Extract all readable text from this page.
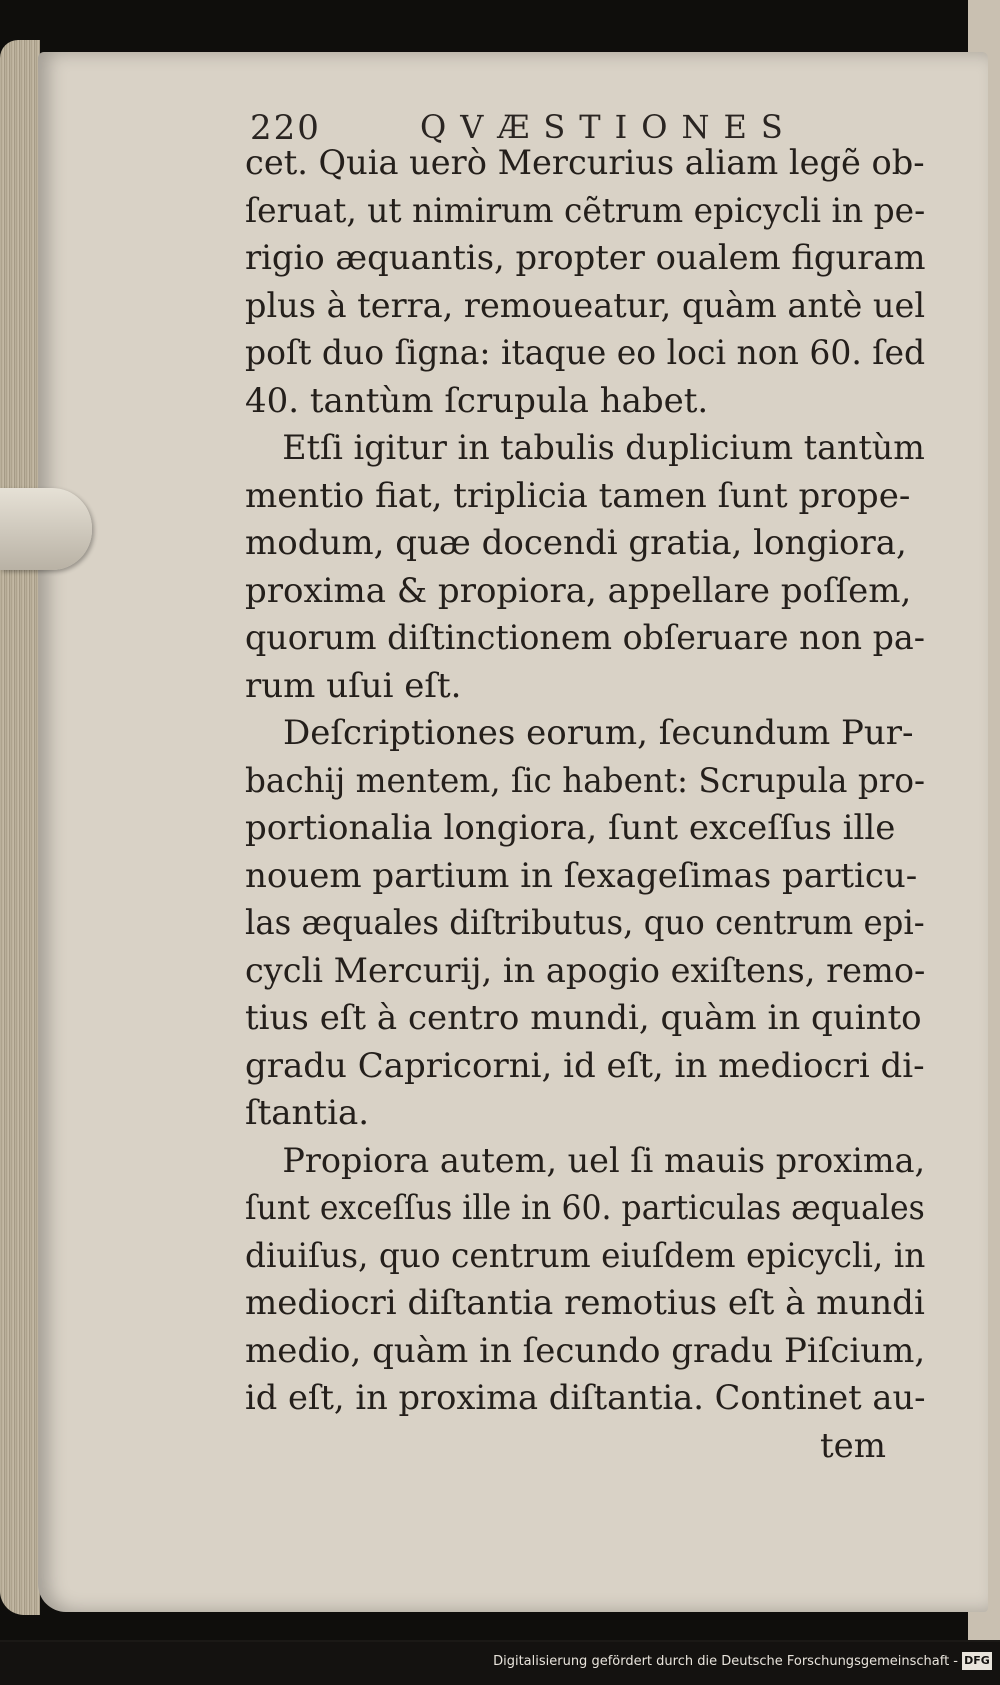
220	QVÆSTIONES
cet. Quia uerò Mercurius aliam legẽ ob-
ſeruat, ut nimirum cẽtrum epicycli in pe-
rigio æquantis, propter oualem figuram
plus à terra, remoueatur, quàm antè uel
poſt duo ſigna: itaque eo loci non 60. ſed
40. tantùm ſcrupula habet.
Etſi igitur in tabulis duplicium tantùm
mentio fiat, triplicia tamen ſunt prope-
modum, quæ docendi gratia, longiora,
proxima & propiora, appellare poſſem,
quorum diſtinctionem obſeruare non pa-
rum uſui eſt.
Deſcriptiones eorum, ſecundum Pur-
bachij mentem, ſic habent: Scrupula pro-
portionalia longiora, ſunt exceſſus ille
nouem partium in ſexageſimas particu-
las æquales diſtributus, quo centrum epi-
cycli Mercurij, in apogio exiſtens, remo-
tius eſt à centro mundi, quàm in quinto
gradu Capricorni, id eſt, in mediocri di-
ſtantia.
Propiora autem, uel ſi mauis proxima,
ſunt exceſſus ille in 60. particulas æquales
diuiſus, quo centrum eiuſdem epicycli, in
mediocri diſtantia remotius eſt à mundi
medio, quàm in ſecundo gradu Piſcium,
id eſt, in proxima diſtantia. Continet au-
tem
Digitalisierung gefördert durch die Deutsche Forschungsgemeinschaft - DFG
